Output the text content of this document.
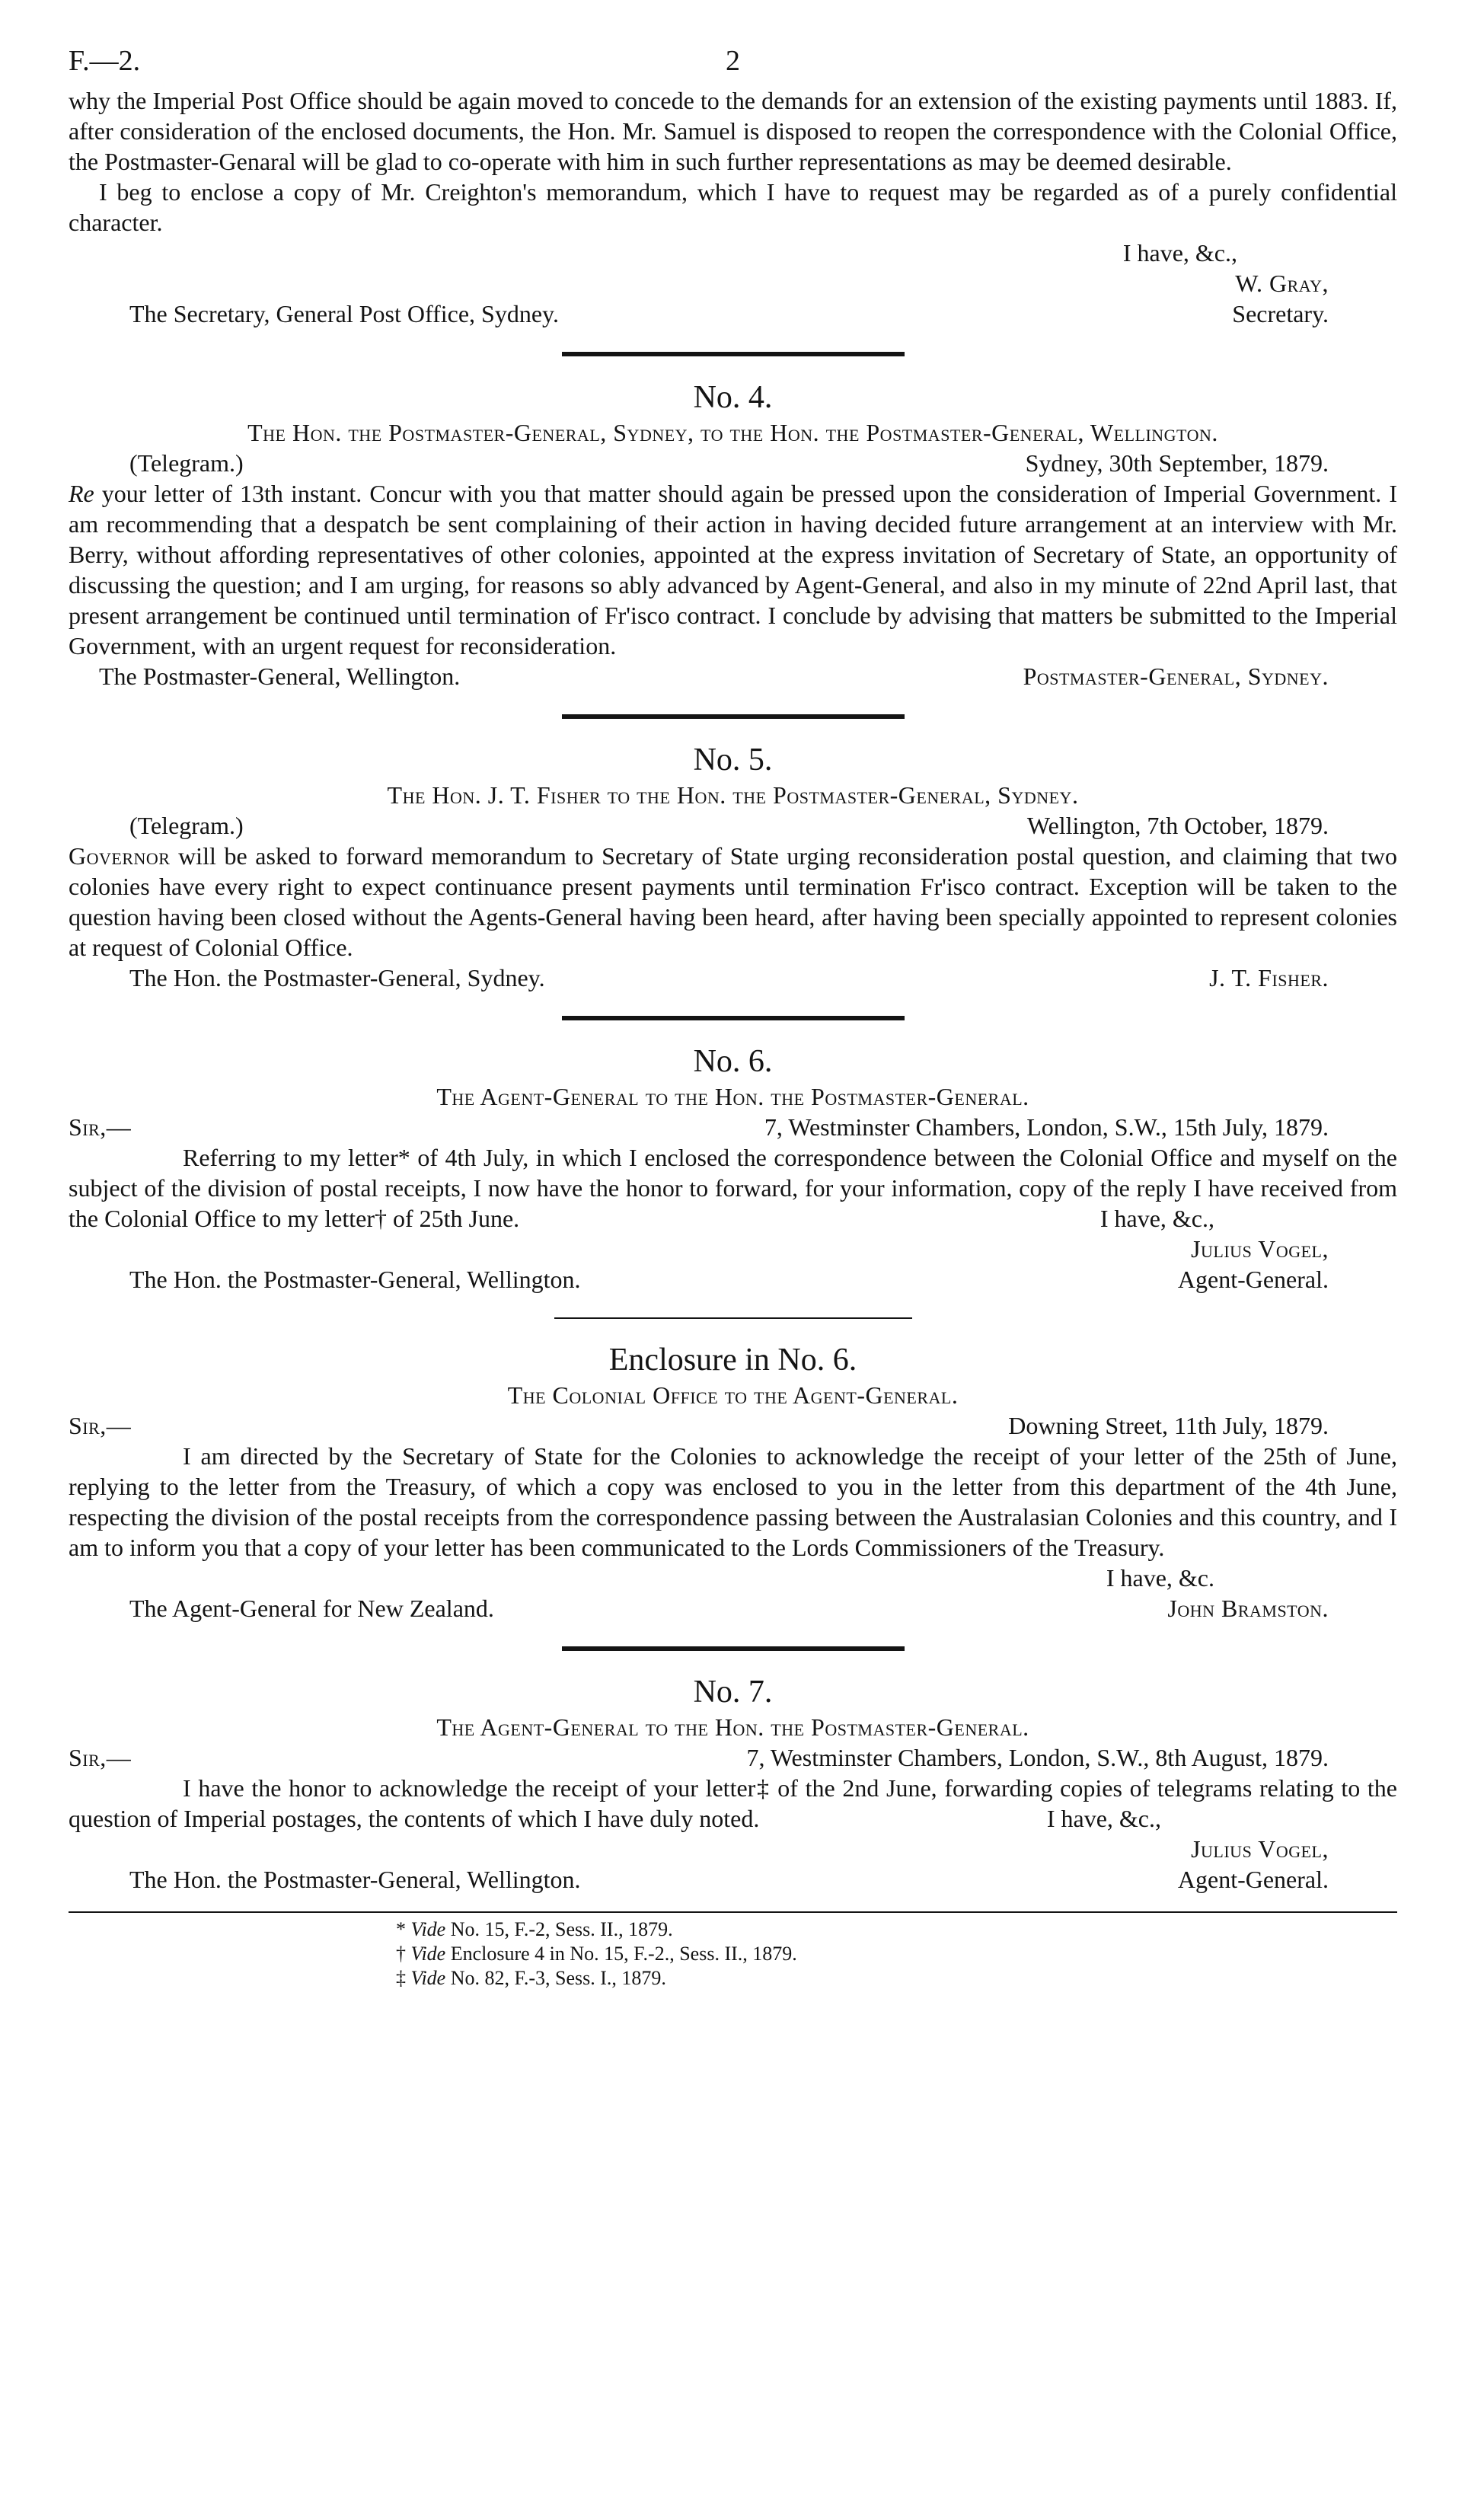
F.—2.	2

why the Imperial Post Office should be again moved to concede to the demands for an extension of the existing payments until 1883. If, after consideration of the enclosed documents, the Hon. Mr. Samuel is disposed to reopen the correspondence with the Colonial Office, the Postmaster-Genaral will be glad to co-operate with him in such further representations as may be deemed desirable.

I beg to enclose a copy of Mr. Creighton's memorandum, which I have to request may be regarded as of a purely confidential character.

I have, &c.,
W. Gray,
The Secretary, General Post Office, Sydney.	Secretary.
No. 4.
The Hon. the Postmaster-General, Sydney, to the Hon. the Postmaster-General, Wellington.
(Telegram.)	Sydney, 30th September, 1879.

Re your letter of 13th instant. Concur with you that matter should again be pressed upon the consideration of Imperial Government. I am recommending that a despatch be sent complaining of their action in having decided future arrangement at an interview with Mr. Berry, without affording representatives of other colonies, appointed at the express invitation of Secretary of State, an opportunity of discussing the question; and I am urging, for reasons so ably advanced by Agent-General, and also in my minute of 22nd April last, that present arrangement be continued until termination of Fr'isco contract. I conclude by advising that matters be submitted to the Imperial Government, with an urgent request for reconsideration.

The Postmaster-General, Wellington.	Postmaster-General, Sydney.
No. 5.
The Hon. J. T. Fisher to the Hon. the Postmaster-General, Sydney.
(Telegram.)	Wellington, 7th October, 1879.

Governor will be asked to forward memorandum to Secretary of State urging reconsideration postal question, and claiming that two colonies have every right to expect continuance present payments until termination Fr'isco contract. Exception will be taken to the question having been closed without the Agents-General having been heard, after having been specially appointed to represent colonies at request of Colonial Office.

The Hon. the Postmaster-General, Sydney.	J. T. Fisher.
No. 6.
The Agent-General to the Hon. the Postmaster-General.
Sir,—	7, Westminster Chambers, London, S.W., 15th July, 1879.

Referring to my letter* of 4th July, in which I enclosed the correspondence between the Colonial Office and myself on the subject of the division of postal receipts, I now have the honor to forward, for your information, copy of the reply I have received from the Colonial Office to my letter† of 25th June.	I have, &c.,
Julius Vogel,
The Hon. the Postmaster-General, Wellington.	Agent-General.
Enclosure in No. 6.
The Colonial Office to the Agent-General.
Sir,—	Downing Street, 11th July, 1879.

I am directed by the Secretary of State for the Colonies to acknowledge the receipt of your letter of the 25th of June, replying to the letter from the Treasury, of which a copy was enclosed to you in the letter from this department of the 4th June, respecting the division of the postal receipts from the correspondence passing between the Australasian Colonies and this country, and I am to inform you that a copy of your letter has been communicated to the Lords Commissioners of the Treasury.

I have, &c.
The Agent-General for New Zealand.	John Bramston.
No. 7.
The Agent-General to the Hon. the Postmaster-General.
Sir,—	7, Westminster Chambers, London, S.W., 8th August, 1879.

I have the honor to acknowledge the receipt of your letter‡ of the 2nd June, forwarding copies of telegrams relating to the question of Imperial postages, the contents of which I have duly noted.	I have, &c.,
Julius Vogel,
The Hon. the Postmaster-General, Wellington.	Agent-General.
* Vide No. 15, F.-2, Sess. II., 1879.
† Vide Enclosure 4 in No. 15, F.-2., Sess. II., 1879.
‡ Vide No. 82, F.-3, Sess. I., 1879.
